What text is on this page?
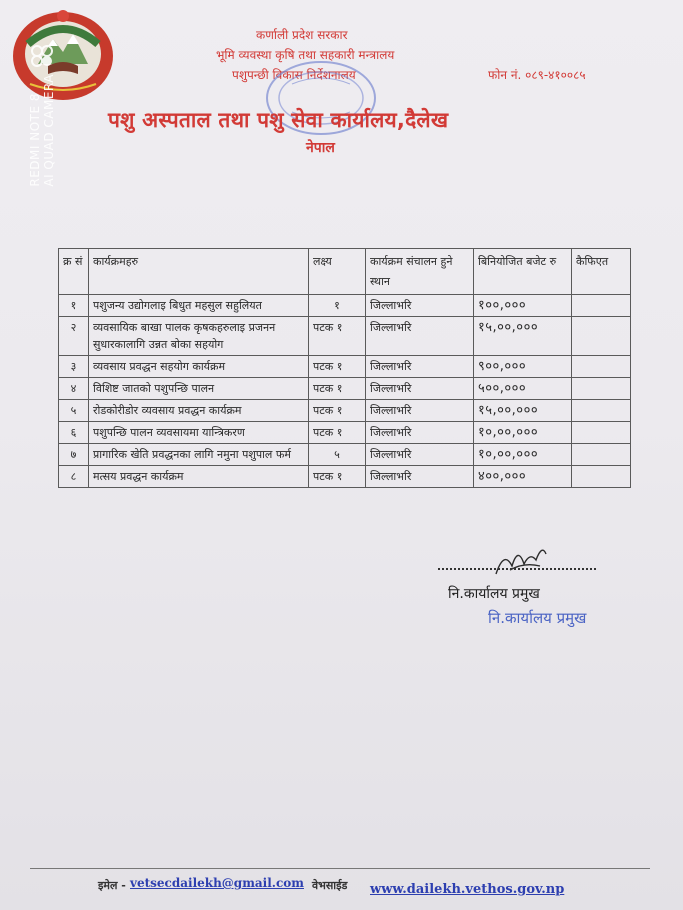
REDMI NOTE 8
AI QUAD CAMERA
कर्णाली प्रदेश सरकार
भूमि व्यवस्था कृषि तथा सहकारी मन्त्रालय
पशुपन्छी विकास निर्देशनालय	फोन नं. ०८९-४१००८५
पशु अस्पताल तथा पशु सेवा कार्यालय,दैलेख
नेपाल
क्र सं	कार्यक्रमहरु	लक्ष्य	कार्यक्रम संचालन हुने स्थान	बिनियोजित बजेट रु	कैफिएत
१	पशुजन्य उद्योगलाइ बिधुत महसुल सहुलियत	१	जिल्लाभरि	१००,०००	
२	व्यवसायिक बाखा पालक कृषकहरुलाइ प्रजनन सुधारकालागि उन्नत बोका सहयोग	पटक १	जिल्लाभरि	१५,००,०००	
३	व्यवसाय प्रवद्धन सहयोग कार्यक्रम	पटक १	जिल्लाभरि	९००,०००	
४	विशिष्ट जातको पशुपन्छि पालन	पटक १	जिल्लाभरि	५००,०००	
५	रोडकोरीडोर व्यवसाय प्रवद्धन कार्यक्रम	पटक १	जिल्लाभरि	१५,००,०००	
६	पशुपन्छि पालन व्यवसायमा यान्त्रिकरण	पटक १	जिल्लाभरि	१०,००,०००	
७	प्रागारिक खेति प्रवद्धनका लागि नमुना पशुपाल फर्म	५	जिल्लाभरि	१०,००,०००	
८	मत्सय प्रवद्धन कार्यक्रम	पटक १	जिल्लाभरि	४००,०००	
नि.कार्यालय प्रमुख
नि.कार्यालय प्रमुख
इमेल - vetsecdailekh@gmail.com वेभसाईड www.dailekh.vethos.gov.np
